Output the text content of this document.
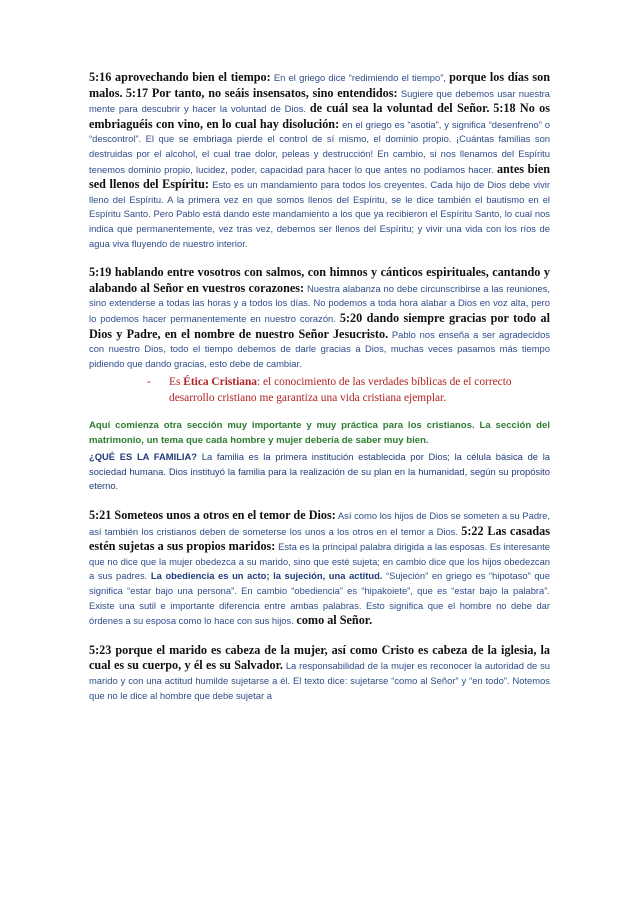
5:16 aprovechando bien el tiempo: En el griego dice “redimiendo el tiempo”, porque los días son malos. 5:17 Por tanto, no seáis insensatos, sino entendidos: Sugiere que debemos usar nuestra mente para descubrir y hacer la voluntad de Dios. de cuál sea la voluntad del Señor. 5:18 No os embriaguéis con vino, en lo cual hay disolución: en el griego es “asotia”, y significa “desenfreno” o “descontrol”. El que se embriaga pierde el control de sí mismo, el dominio propio. ¡Cuántas familias son destruidas por el alcohol, el cual trae dolor, peleas y destrucción! En cambio, si nos llenamos del Espíritu tenemos dominio propio, lucidez, poder, capacidad para hacer lo que antes no podíamos hacer. antes bien sed llenos del Espíritu: Esto es un mandamiento para todos los creyentes. Cada hijo de Dios debe vivir lleno del Espíritu. A la primera vez en que somos llenos del Espíritu, se le dice también el bautismo en el Espíritu Santo. Pero Pablo está dando este mandamiento a los que ya recibieron el Espíritu Santo, lo cual nos indica que permanentemente, vez tras vez, debemos ser llenos del Espíritu; y vivir una vida con los ríos de agua viva fluyendo de nuestro interior.

5:19 hablando entre vosotros con salmos, con himnos y cánticos espirituales, cantando y alabando al Señor en vuestros corazones: Nuestra alabanza no debe circunscribirse a las reuniones, sino extenderse a todas las horas y a todos los días. No podemos a toda hora alabar a Dios en voz alta, pero lo podemos hacer permanentemente en nuestro corazón. 5:20 dando siempre gracias por todo al Dios y Padre, en el nombre de nuestro Señor Jesucristo. Pablo nos enseña a ser agradecidos con nuestro Dios, todo el tiempo debemos de darle gracias a Dios, muchas veces pasamos más tiempo pidiendo que dando gracias, esto debe de cambiar.

-	Es Ética Cristiana: el conocimiento de las verdades bíblicas de el correcto desarrollo cristiano me garantiza una vida cristiana ejemplar.

Aquí comienza otra sección muy importante y muy práctica para los cristianos. La sección del matrimonio, un tema que cada hombre y mujer debería de saber muy bien.

¿QUÉ ES LA FAMILIA? La familia es la primera institución establecida por Dios; la célula básica de la sociedad humana. Dios instituyó la familia para la realización de su plan en la humanidad, según su propósito eterno.

5:21 Someteos unos a otros en el temor de Dios: Así como los hijos de Dios se someten a su Padre, así también los cristianos deben de someterse los unos a los otros en el temor a Dios. 5:22 Las casadas estén sujetas a sus propios maridos: Esta es la principal palabra dirigida a las esposas. Es interesante que no dice que la mujer obedezca a su marido, sino que esté sujeta; en cambio dice que los hijos obedezcan a sus padres. La obediencia es un acto; la sujeción, una actitud. “Sujeción” en griego es “hipotaso” que significa “estar bajo una persona”. En cambio “obediencia” es “hipakoiete”, que es “estar bajo la palabra”. Existe una sutil e importante diferencia entre ambas palabras. Esto significa que el hombre no debe dar órdenes a su esposa como lo hace con sus hijos. como al Señor.

5:23 porque el marido es cabeza de la mujer, así como Cristo es cabeza de la iglesia, la cual es su cuerpo, y él es su Salvador. La responsabilidad de la mujer es reconocer la autoridad de su marido y con una actitud humilde sujetarse a él. El texto dice: sujetarse “como al Señor” y “en todo”. Notemos que no le dice al hombre que debe sujetar a
